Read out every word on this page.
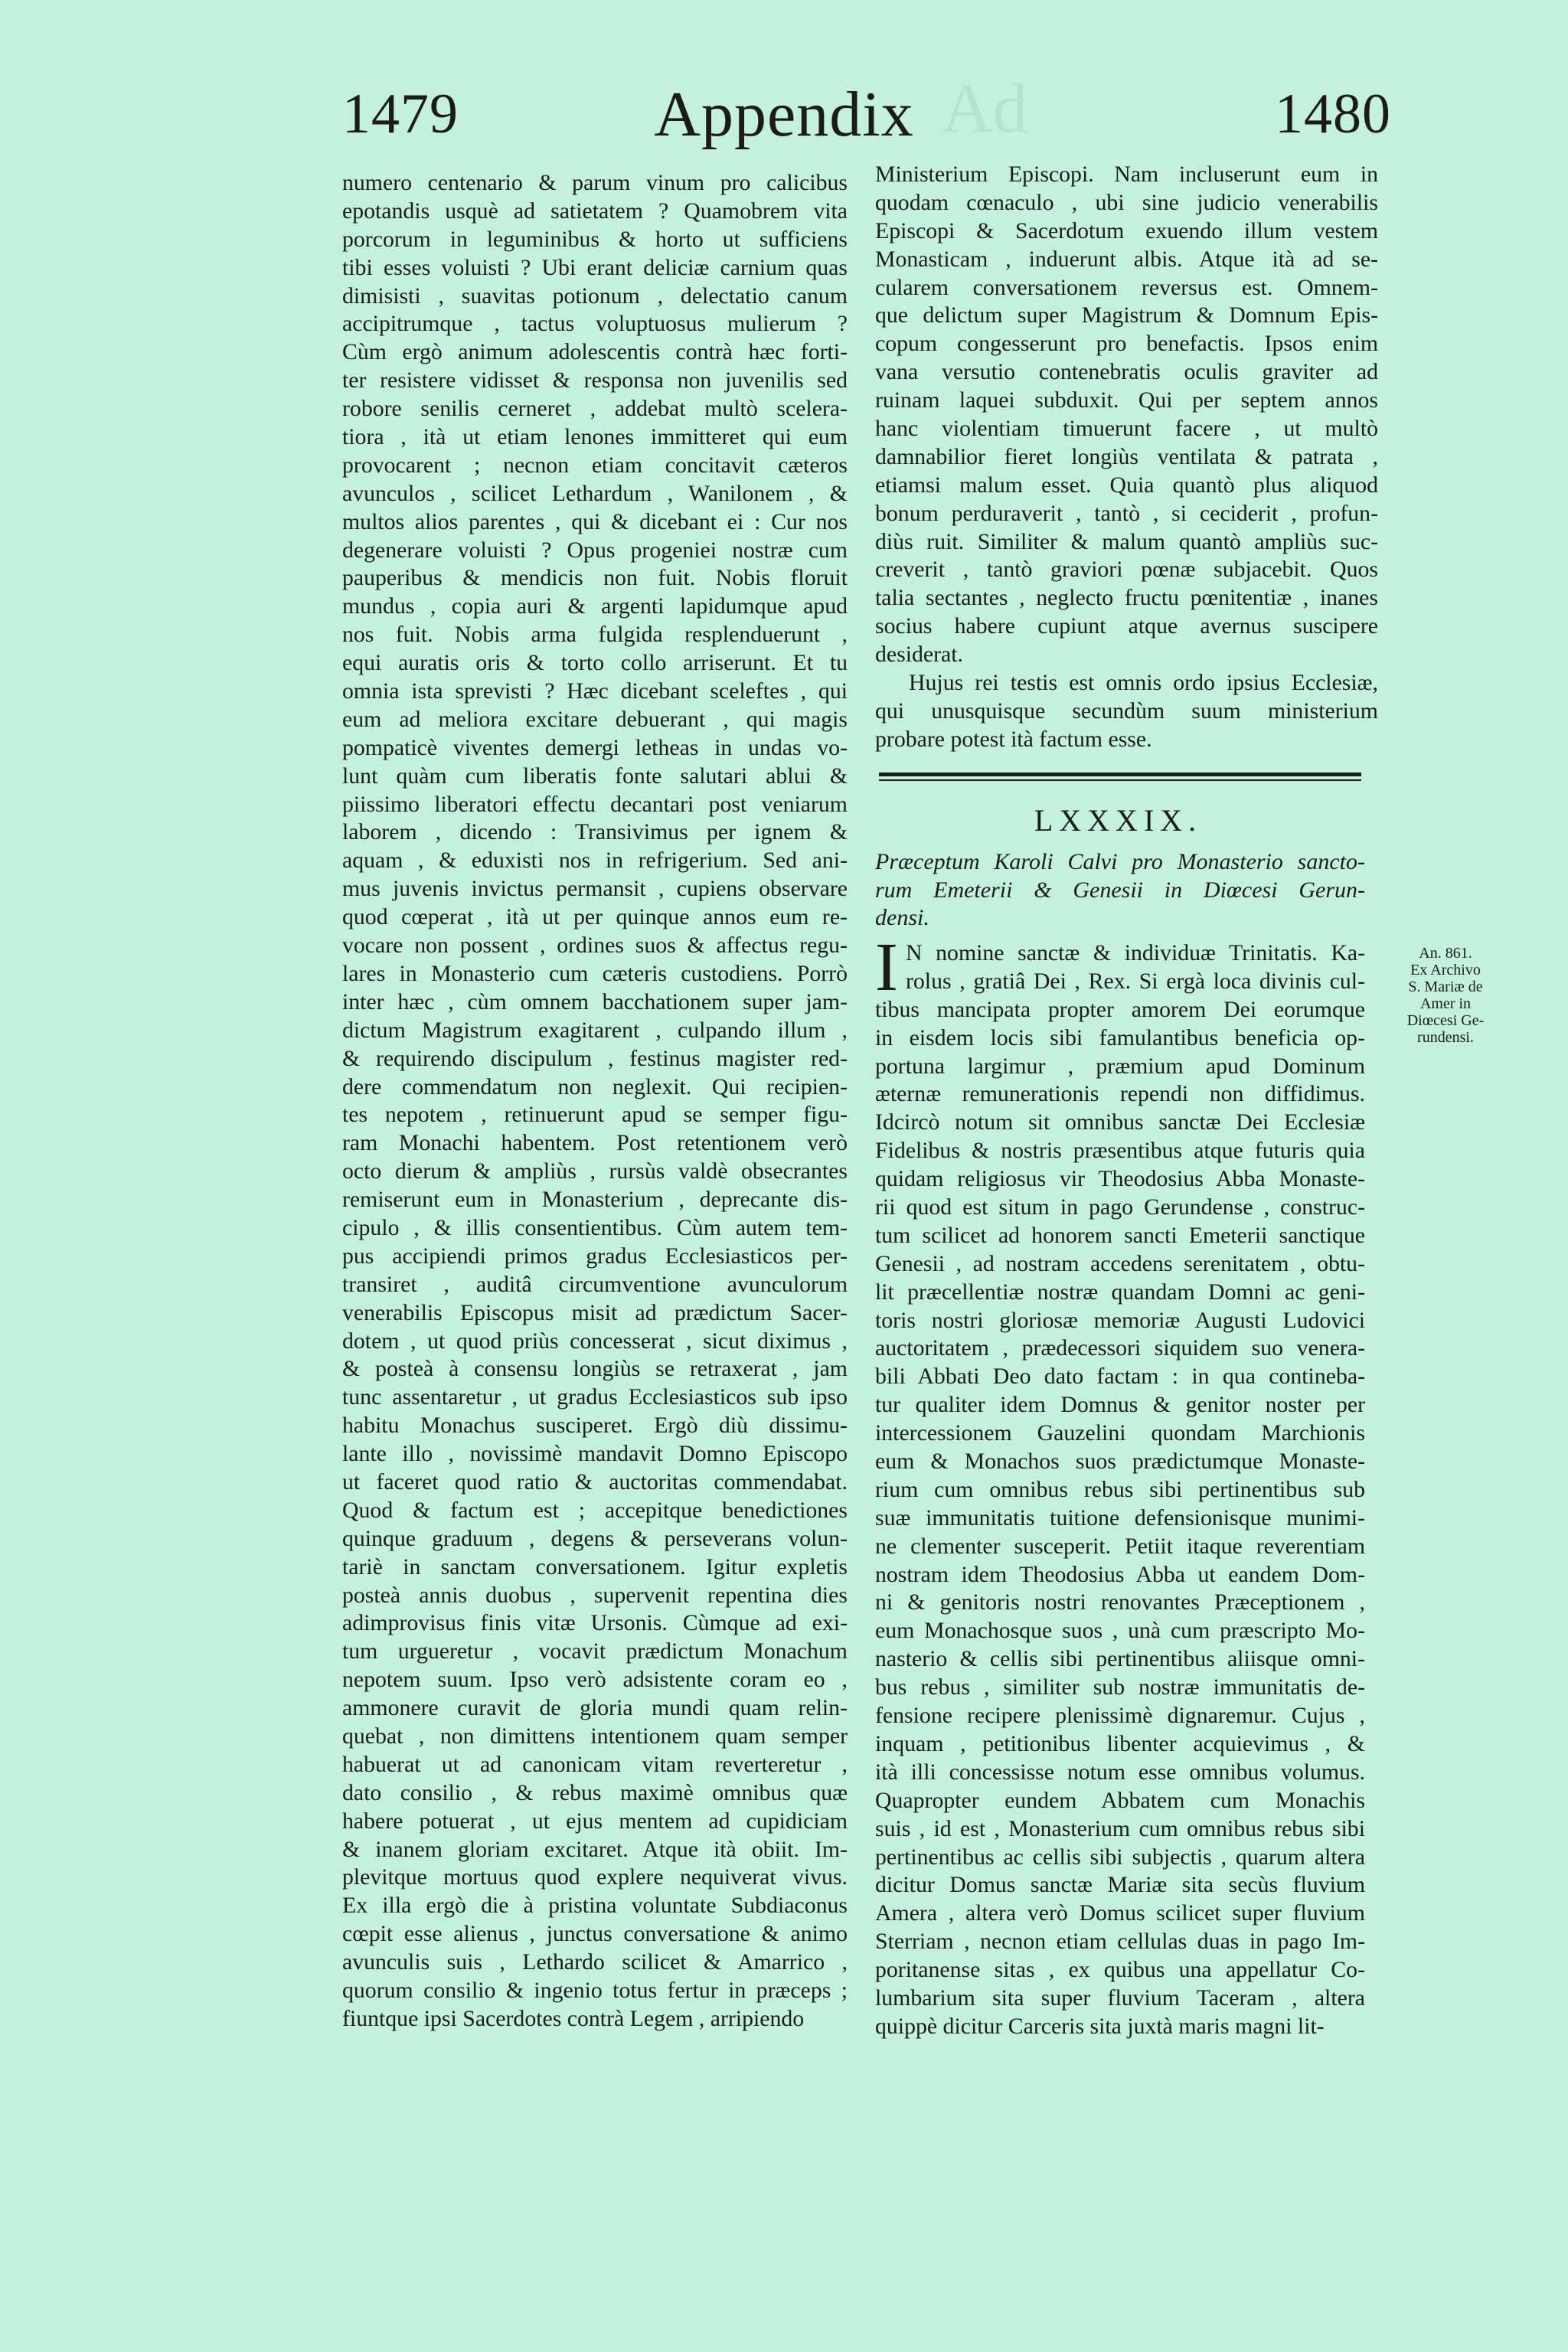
Ad
1479	Appendix	1480
numero centenario & parum vinum pro calicibus
epotandis usquè ad satietatem ? Quamobrem vita
porcorum in leguminibus & horto ut sufficiens
tibi esses voluisti ? Ubi erant deliciæ carnium quas
dimisisti , suavitas potionum , delectatio canum
accipitrumque , tactus voluptuosus mulierum ?
Cùm ergò animum adolescentis contrà hæc forti-
ter resistere vidisset & responsa non juvenilis sed
robore senilis cerneret , addebat multò scelera-
tiora , ità ut etiam lenones immitteret qui eum
provocarent ; necnon etiam concitavit cæteros
avunculos , scilicet Lethardum , Wanilonem , &
multos alios parentes , qui & dicebant ei : Cur nos
degenerare voluisti ? Opus progeniei nostræ cum
pauperibus & mendicis non fuit. Nobis floruit
mundus , copia auri & argenti lapidumque apud
nos fuit. Nobis arma fulgida resplenduerunt ,
equi auratis oris & torto collo arriserunt. Et tu
omnia ista sprevisti ? Hæc dicebant sceleftes , qui
eum ad meliora excitare debuerant , qui magis
pompaticè viventes demergi letheas in undas vo-
lunt quàm cum liberatis fonte salutari ablui &
piissimo liberatori effectu decantari post veniarum
laborem , dicendo : Transivimus per ignem &
aquam , & eduxisti nos in refrigerium. Sed ani-
mus juvenis invictus permansit , cupiens observare
quod cœperat , ità ut per quinque annos eum re-
vocare non possent , ordines suos & affectus regu-
lares in Monasterio cum cæteris custodiens. Porrò
inter hæc , cùm omnem bacchationem super jam-
dictum Magistrum exagitarent , culpando illum ,
& requirendo discipulum , festinus magister red-
dere commendatum non neglexit. Qui recipien-
tes nepotem , retinuerunt apud se semper figu-
ram Monachi habentem. Post retentionem verò
octo dierum & ampliùs , rursùs valdè obsecrantes
remiserunt eum in Monasterium , deprecante dis-
cipulo , & illis consentientibus. Cùm autem tem-
pus accipiendi primos gradus Ecclesiasticos per-
transiret , auditâ circumventione avunculorum
venerabilis Episcopus misit ad prædictum Sacer-
dotem , ut quod priùs concesserat , sicut diximus ,
& posteà à consensu longiùs se retraxerat , jam
tunc assentaretur , ut gradus Ecclesiasticos sub ipso
habitu Monachus susciperet. Ergò diù dissimu-
lante illo , novissimè mandavit Domno Episcopo
ut faceret quod ratio & auctoritas commendabat.
Quod & factum est ; accepitque benedictiones
quinque graduum , degens & perseverans volun-
tariè in sanctam conversationem. Igitur expletis
posteà annis duobus , supervenit repentina dies
adimprovisus finis vitæ Ursonis. Cùmque ad exi-
tum urgueretur , vocavit prædictum Monachum
nepotem suum. Ipso verò adsistente coram eo ,
ammonere curavit de gloria mundi quam relin-
quebat , non dimittens intentionem quam semper
habuerat ut ad canonicam vitam reverteretur ,
dato consilio , & rebus maximè omnibus quæ
habere potuerat , ut ejus mentem ad cupidiciam
& inanem gloriam excitaret. Atque ità obiit. Im-
plevitque mortuus quod explere nequiverat vivus.
Ex illa ergò die à pristina voluntate Subdiaconus
cœpit esse alienus , junctus conversatione & animo
avunculis suis , Lethardo scilicet & Amarrico ,
quorum consilio & ingenio totus fertur in præceps ;
fiuntque ipsi Sacerdotes contrà Legem , arripiendo
Ministerium Episcopi. Nam incluserunt eum in
quodam cœnaculo , ubi sine judicio venerabilis
Episcopi & Sacerdotum exuendo illum vestem
Monasticam , induerunt albis. Atque ità ad se-
cularem conversationem reversus est. Omnem-
que delictum super Magistrum & Domnum Epis-
copum congesserunt pro benefactis. Ipsos enim
vana versutio contenebratis oculis graviter ad
ruinam laquei subduxit. Qui per septem annos
hanc violentiam timuerunt facere , ut multò
damnabilior fieret longiùs ventilata & patrata ,
etiamsi malum esset. Quia quantò plus aliquod
bonum perduraverit , tantò , si ceciderit , profun-
diùs ruit. Similiter & malum quantò ampliùs suc-
creverit , tantò graviori pœnæ subjacebit. Quos
talia sectantes , neglecto fructu pœnitentiæ , inanes
socius habere cupiunt atque avernus suscipere
desiderat.
Hujus rei testis est omnis ordo ipsius Ecclesiæ,
qui unusquisque secundùm suum ministerium
probare potest ità factum esse.
LXXXIX.
Præceptum Karoli Calvi pro Monasterio sancto-
rum Emeterii & Genesii in Diœcesi Gerun-
densi.
I N nomine sanctæ & individuæ Trinitatis. Ka-
rolus , gratiâ Dei , Rex. Si ergà loca divinis cul-
tibus mancipata propter amorem Dei eorumque
in eisdem locis sibi famulantibus beneficia op-
portuna largimur , præmium apud Dominum
æternæ remunerationis rependi non diffidimus.
Idcircò notum sit omnibus sanctæ Dei Ecclesiæ
Fidelibus & nostris præsentibus atque futuris quia
quidam religiosus vir Theodosius Abba Monaste-
rii quod est situm in pago Gerundense , construc-
tum scilicet ad honorem sancti Emeterii sanctique
Genesii , ad nostram accedens serenitatem , obtu-
lit præcellentiæ nostræ quandam Domni ac geni-
toris nostri gloriosæ memoriæ Augusti Ludovici
auctoritatem , prædecessori siquidem suo venera-
bili Abbati Deo dato factam : in qua contineba-
tur qualiter idem Domnus & genitor noster per
intercessionem Gauzelini quondam Marchionis
eum & Monachos suos prædictumque Monaste-
rium cum omnibus rebus sibi pertinentibus sub
suæ immunitatis tuitione defensionisque munimi-
ne clementer susceperit. Petiit itaque reverentiam
nostram idem Theodosius Abba ut eandem Dom-
ni & genitoris nostri renovantes Præceptionem ,
eum Monachosque suos , unà cum præscripto Mo-
nasterio & cellis sibi pertinentibus aliisque omni-
bus rebus , similiter sub nostræ immunitatis de-
fensione recipere plenissimè dignaremur. Cujus ,
inquam , petitionibus libenter acquievimus , &
ità illi concessisse notum esse omnibus volumus.
Quapropter eundem Abbatem cum Monachis
suis , id est , Monasterium cum omnibus rebus sibi
pertinentibus ac cellis sibi subjectis , quarum altera
dicitur Domus sanctæ Mariæ sita secùs fluvium
Amera , altera verò Domus scilicet super fluvium
Sterriam , necnon etiam cellulas duas in pago Im-
poritanense sitas , ex quibus una appellatur Co-
lumbarium sita super fluvium Taceram , altera
quippè dicitur Carceris sita juxtà maris magni lit-
An. 861.
Ex Archivo
S. Mariæ de
Amer in
Diœcesi Ge-
rundensi.
